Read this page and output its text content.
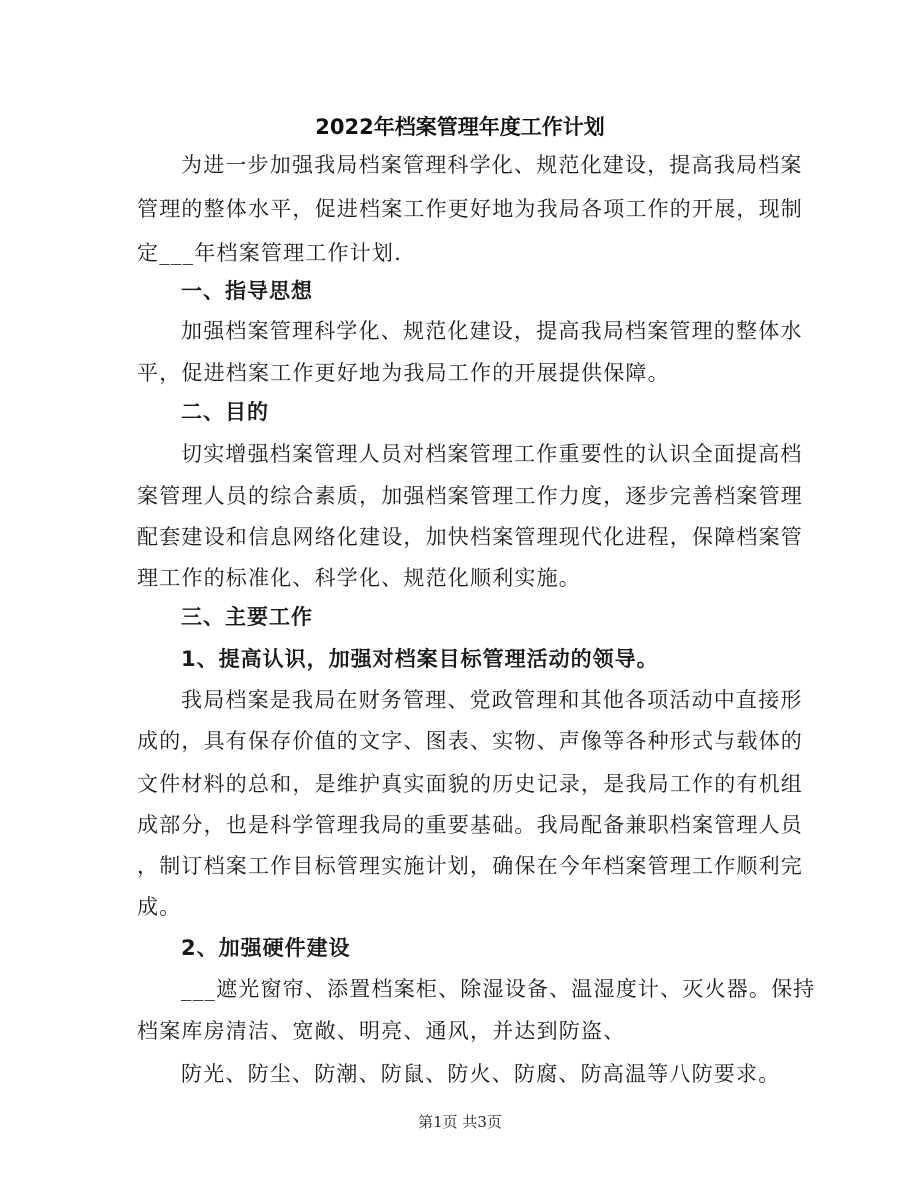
2022年档案管理年度工作计划
为进一步加强我局档案管理科学化、规范化建设，提高我局档案
管理的整体水平，促进档案工作更好地为我局各项工作的开展，现制
定___年档案管理工作计划.
一、指导思想
加强档案管理科学化、规范化建设，提高我局档案管理的整体水
平，促进档案工作更好地为我局工作的开展提供保障。
二、目的
切实增强档案管理人员对档案管理工作重要性的认识全面提高档
案管理人员的综合素质，加强档案管理工作力度，逐步完善档案管理
配套建设和信息网络化建设，加快档案管理现代化进程，保障档案管
理工作的标准化、科学化、规范化顺利实施。
三、主要工作
1、提高认识，加强对档案目标管理活动的领导。
我局档案是我局在财务管理、党政管理和其他各项活动中直接形
成的，具有保存价值的文字、图表、实物、声像等各种形式与载体的
文件材料的总和，是维护真实面貌的历史记录，是我局工作的有机组
成部分，也是科学管理我局的重要基础。我局配备兼职档案管理人员
，制订档案工作目标管理实施计划，确保在今年档案管理工作顺利完
成。
2、加强硬件建设
___遮光窗帘、添置档案柜、除湿设备、温湿度计、灭火器。保持
档案库房清洁、宽敞、明亮、通风，并达到防盗、
防光、防尘、防潮、防鼠、防火、防腐、防高温等八防要求。
第1页 共3页
